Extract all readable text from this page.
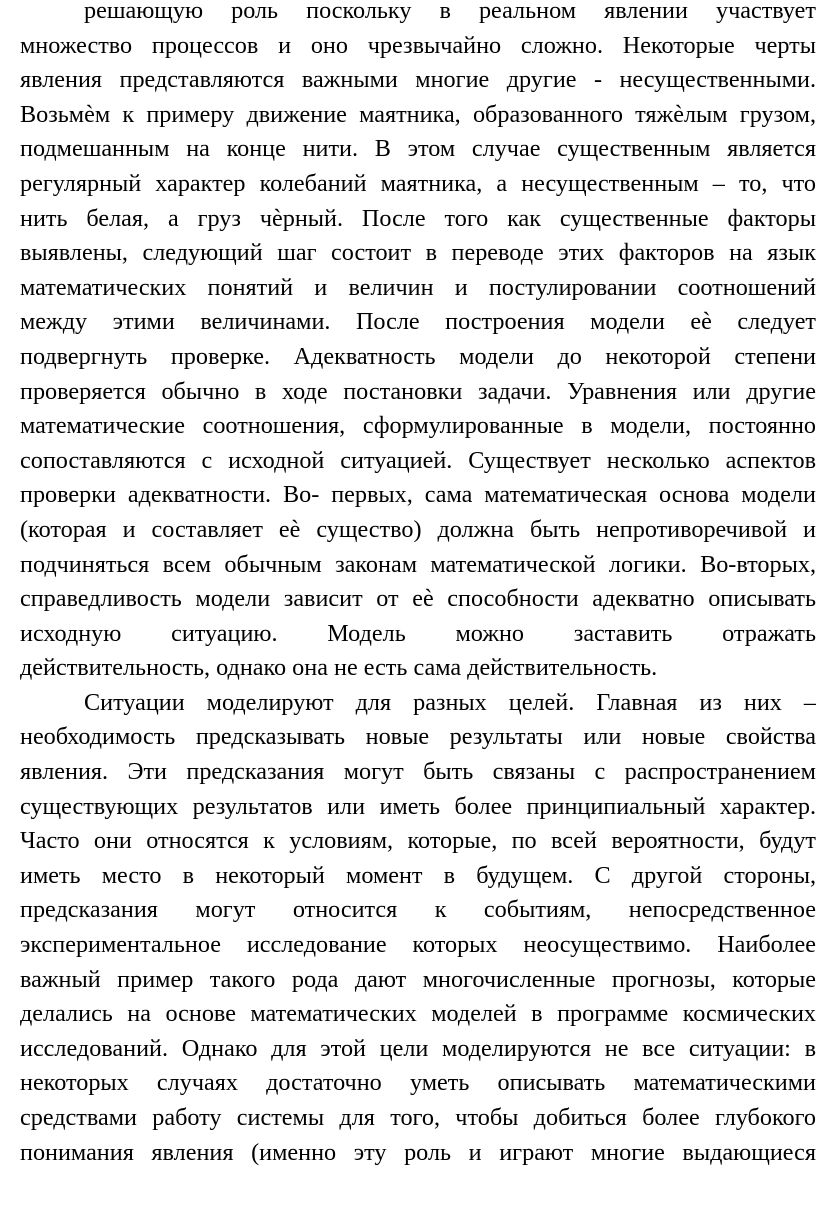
решающую роль поскольку в реальном явлении участвует
множество процессов и оно чрезвычайно сложно. Некоторые черты
явления представляются важными многие другие - несущественными.
Возьмѐм к примеру движение маятника, образованного тяжѐлым грузом,
подмешанным на конце нити. В этом случае существенным является
регулярный характер колебаний маятника, а несущественным – то, что
нить белая, а груз чѐрный. После того как существенные факторы
выявлены, следующий шаг состоит в переводе этих факторов на язык
математических понятий и величин и постулировании соотношений
между этими величинами. После построения модели еѐ следует
подвергнуть проверке. Адекватность модели до некоторой степени
проверяется обычно в ходе постановки задачи. Уравнения или другие
математические соотношения, сформулированные в модели, постоянно
сопоставляются с исходной ситуацией. Существует несколько аспектов
проверки адекватности. Во- первых, сама математическая основа модели
(которая и составляет еѐ существо) должна быть непротиворечивой и
подчиняться всем обычным законам математической логики. Во-вторых,
справедливость модели зависит от еѐ способности адекватно описывать
исходную ситуацию. Модель можно заставить отражать
действительность, однако она не есть сама действительность.
Ситуации моделируют для разных целей. Главная из них –
необходимость предсказывать новые результаты или новые свойства
явления. Эти предсказания могут быть связаны с распространением
существующих результатов или иметь более принципиальный характер.
Часто они относятся к условиям, которые, по всей вероятности, будут
иметь место в некоторый момент в будущем. С другой стороны,
предсказания могут относится к событиям, непосредственное
экспериментальное исследование которых неосуществимо. Наиболее
важный пример такого рода дают многочисленные прогнозы, которые
делались на основе математических моделей в программе космических
исследований. Однако для этой цели моделируются не все ситуации: в
некоторых случаях достаточно уметь описывать математическими
средствами работу системы для того, чтобы добиться более глубокого
понимания явления (именно эту роль и играют многие выдающиеся
